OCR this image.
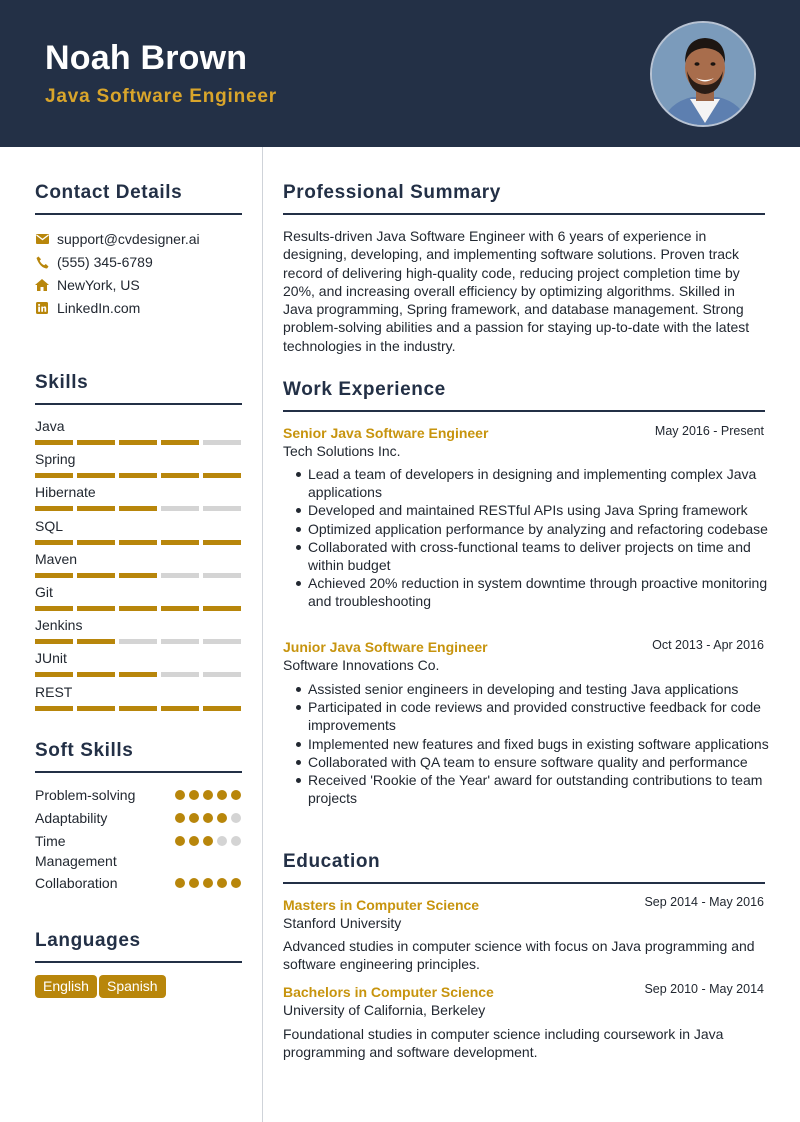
Noah Brown
Java Software Engineer
Contact Details
support@cvdesigner.ai
(555) 345-6789
NewYork, US
LinkedIn.com
Skills
Java
Spring
Hibernate
SQL
Maven
Git
Jenkins
JUnit
REST
Soft Skills
Problem-solving
Adaptability
Time Management
Collaboration
Languages
English	Spanish
Professional Summary

Results-driven Java Software Engineer with 6 years of experience in designing, developing, and implementing software solutions. Proven track record of delivering high-quality code, reducing project completion time by 20%, and increasing overall efficiency by optimizing algorithms. Skilled in Java programming, Spring framework, and database management. Strong problem-solving abilities and a passion for staying up-to-date with the latest technologies in the industry.

Work Experience
Senior Java Software Engineer	May 2016 - Present
Tech Solutions Inc.
Lead a team of developers in designing and implementing complex Java applications
Developed and maintained RESTful APIs using Java Spring framework
Optimized application performance by analyzing and refactoring codebase
Collaborated with cross-functional teams to deliver projects on time and within budget
Achieved 20% reduction in system downtime through proactive monitoring and troubleshooting
Junior Java Software Engineer	Oct 2013 - Apr 2016
Software Innovations Co.
Assisted senior engineers in developing and testing Java applications
Participated in code reviews and provided constructive feedback for code improvements
Implemented new features and fixed bugs in existing software applications
Collaborated with QA team to ensure software quality and performance
Received 'Rookie of the Year' award for outstanding contributions to team projects
Education
Masters in Computer Science	Sep 2014 - May 2016
Stanford University

Advanced studies in computer science with focus on Java programming and software engineering principles.

Bachelors in Computer Science	Sep 2010 - May 2014
University of California, Berkeley

Foundational studies in computer science including coursework in Java programming and software development.
